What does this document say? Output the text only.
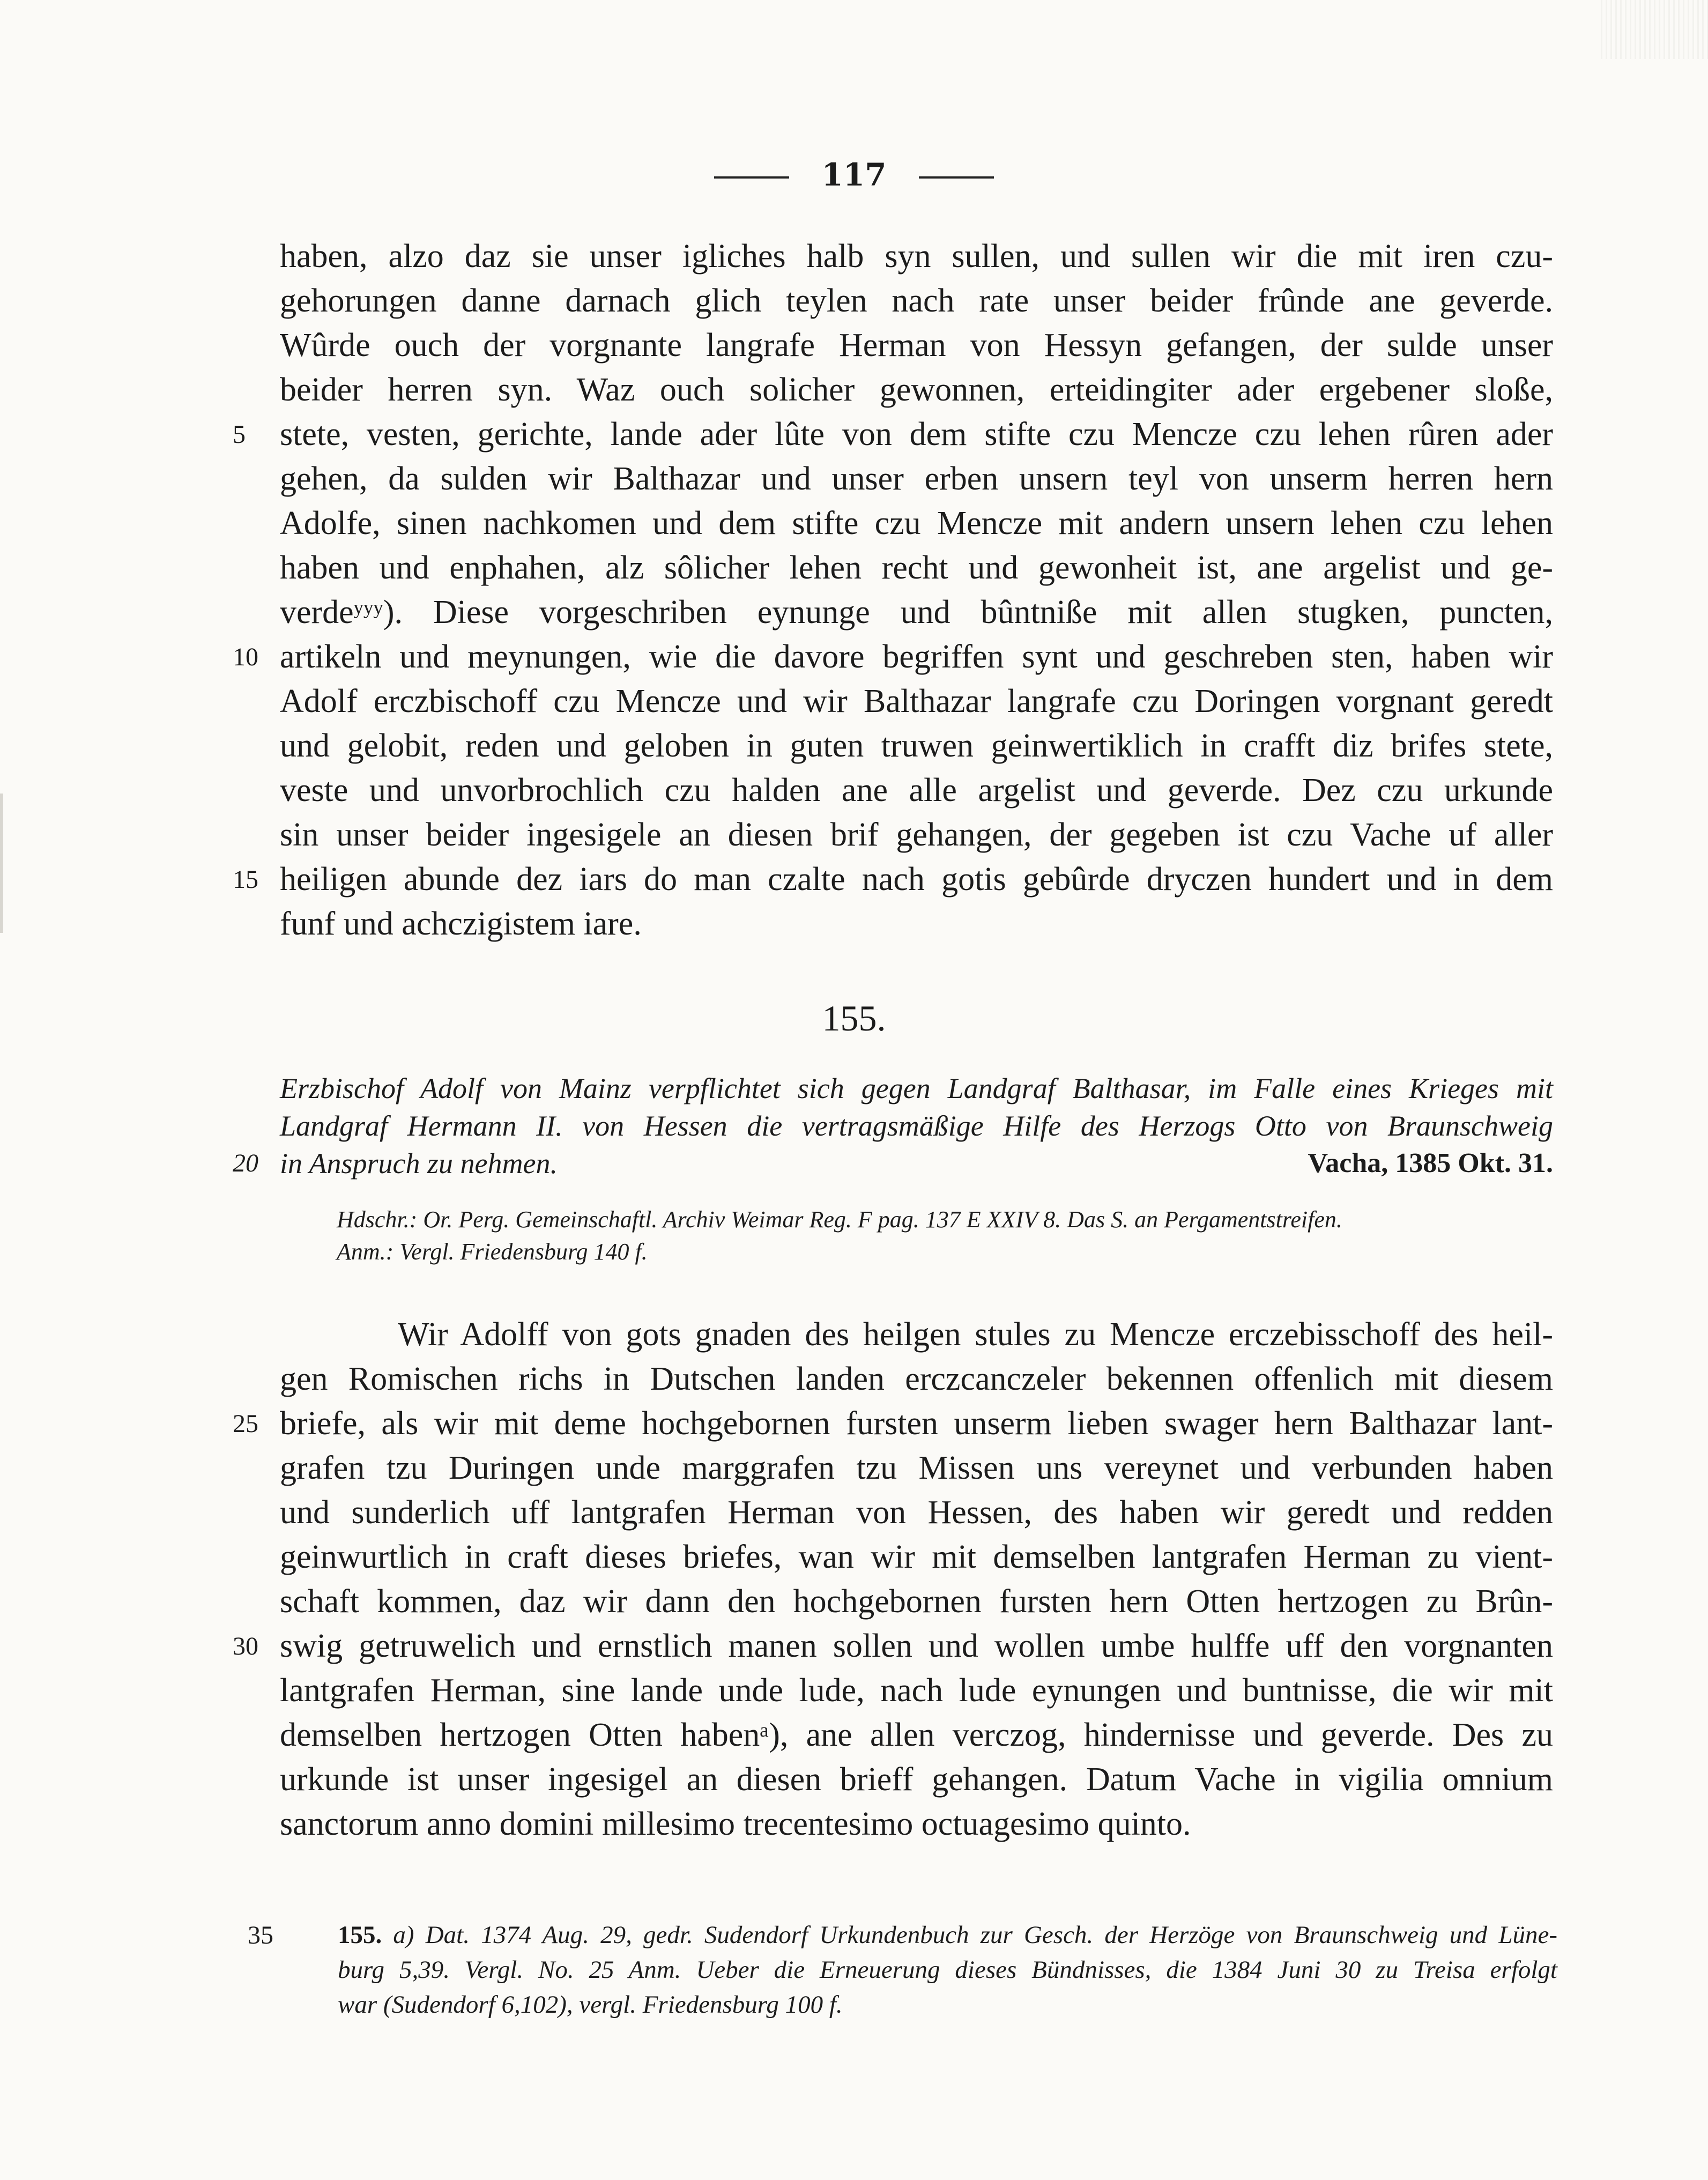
117
haben, alzo daz sie unser igliches halb syn sullen, und sullen wir die mit iren czu-
gehorungen danne darnach glich teylen nach rate unser beider frûnde ane geverde.
Wûrde ouch der vorgnante langrafe Herman von Hessyn gefangen, der sulde unser
beider herren syn. Waz ouch solicher gewonnen, erteidingiter ader ergebener sloße,
5	stete, vesten, gerichte, lande ader lûte von dem stifte czu Mencze czu lehen rûren ader
gehen, da sulden wir Balthazar und unser erben unsern teyl von unserm herren hern
Adolfe, sinen nachkomen und dem stifte czu Mencze mit andern unsern lehen czu lehen
haben und enphahen, alz sôlicher lehen recht und gewonheit ist, ane argelist und ge-
verdeʸʸʸ). Diese vorgeschriben eynunge und bûntniße mit allen stugken, puncten,
10 artikeln und meynungen, wie die davore begriffen synt und geschreben sten, haben wir
Adolf erczbischoff czu Mencze und wir Balthazar langrafe czu Doringen vorgnant geredt
und gelobit, reden und geloben in guten truwen geinwertiklich in crafft diz brifes stete,
veste und unvorbrochlich czu halden ane alle argelist und geverde. Dez czu urkunde
sin unser beider ingesigele an diesen brif gehangen, der gegeben ist czu Vache uf aller
15 heiligen abunde dez iars do man czalte nach gotis gebûrde dryczen hundert und in dem
funf und achczigistem iare.
155.
Erzbischof Adolf von Mainz verpflichtet sich gegen Landgraf Balthasar, im Falle eines Krieges mit
Landgraf Hermann II. von Hessen die vertragsmäßige Hilfe des Herzogs Otto von Braunschweig
20 in Anspruch zu nehmen.	Vacha, 1385 Okt. 31.
Hdschr.: Or. Perg. Gemeinschaftl. Archiv Weimar Reg. F pag. 137 E XXIV 8. Das S. an Pergamentstreifen.
Anm.: Vergl. Friedensburg 140 f.
Wir Adolff von gots gnaden des heilgen stules zu Mencze erczebisschoff des heil-
gen Romischen richs in Dutschen landen erczcanczeler bekennen offenlich mit diesem
25 briefe, als wir mit deme hochgebornen fursten unserm lieben swager hern Balthazar lant-
grafen tzu Duringen unde marggrafen tzu Missen uns vereynet und verbunden haben
und sunderlich uff lantgrafen Herman von Hessen, des haben wir geredt und redden
geinwurtlich in craft dieses briefes, wan wir mit demselben lantgrafen Herman zu vient-
schaft kommen, daz wir dann den hochgebornen fursten hern Otten hertzogen zu Brûn-
30 swig getruwelich und ernstlich manen sollen und wollen umbe hulffe uff den vorgnanten
lantgrafen Herman, sine lande unde lude, nach lude eynungen und buntnisse, die wir mit
demselben hertzogen Otten habenᵃ), ane allen verczog, hindernisse und geverde. Des zu
urkunde ist unser ingesigel an diesen brieff gehangen. Datum Vache in vigilia omnium
sanctorum anno domini millesimo trecentesimo octuagesimo quinto.
35	155. a) Dat. 1374 Aug. 29, gedr. Sudendorf Urkundenbuch zur Gesch. der Herzöge von Braunschweig und Lüne-
burg 5,39. Vergl. No. 25 Anm. Ueber die Erneuerung dieses Bündnisses, die 1384 Juni 30 zu Treisa erfolgt
war (Sudendorf 6,102), vergl. Friedensburg 100 f.
